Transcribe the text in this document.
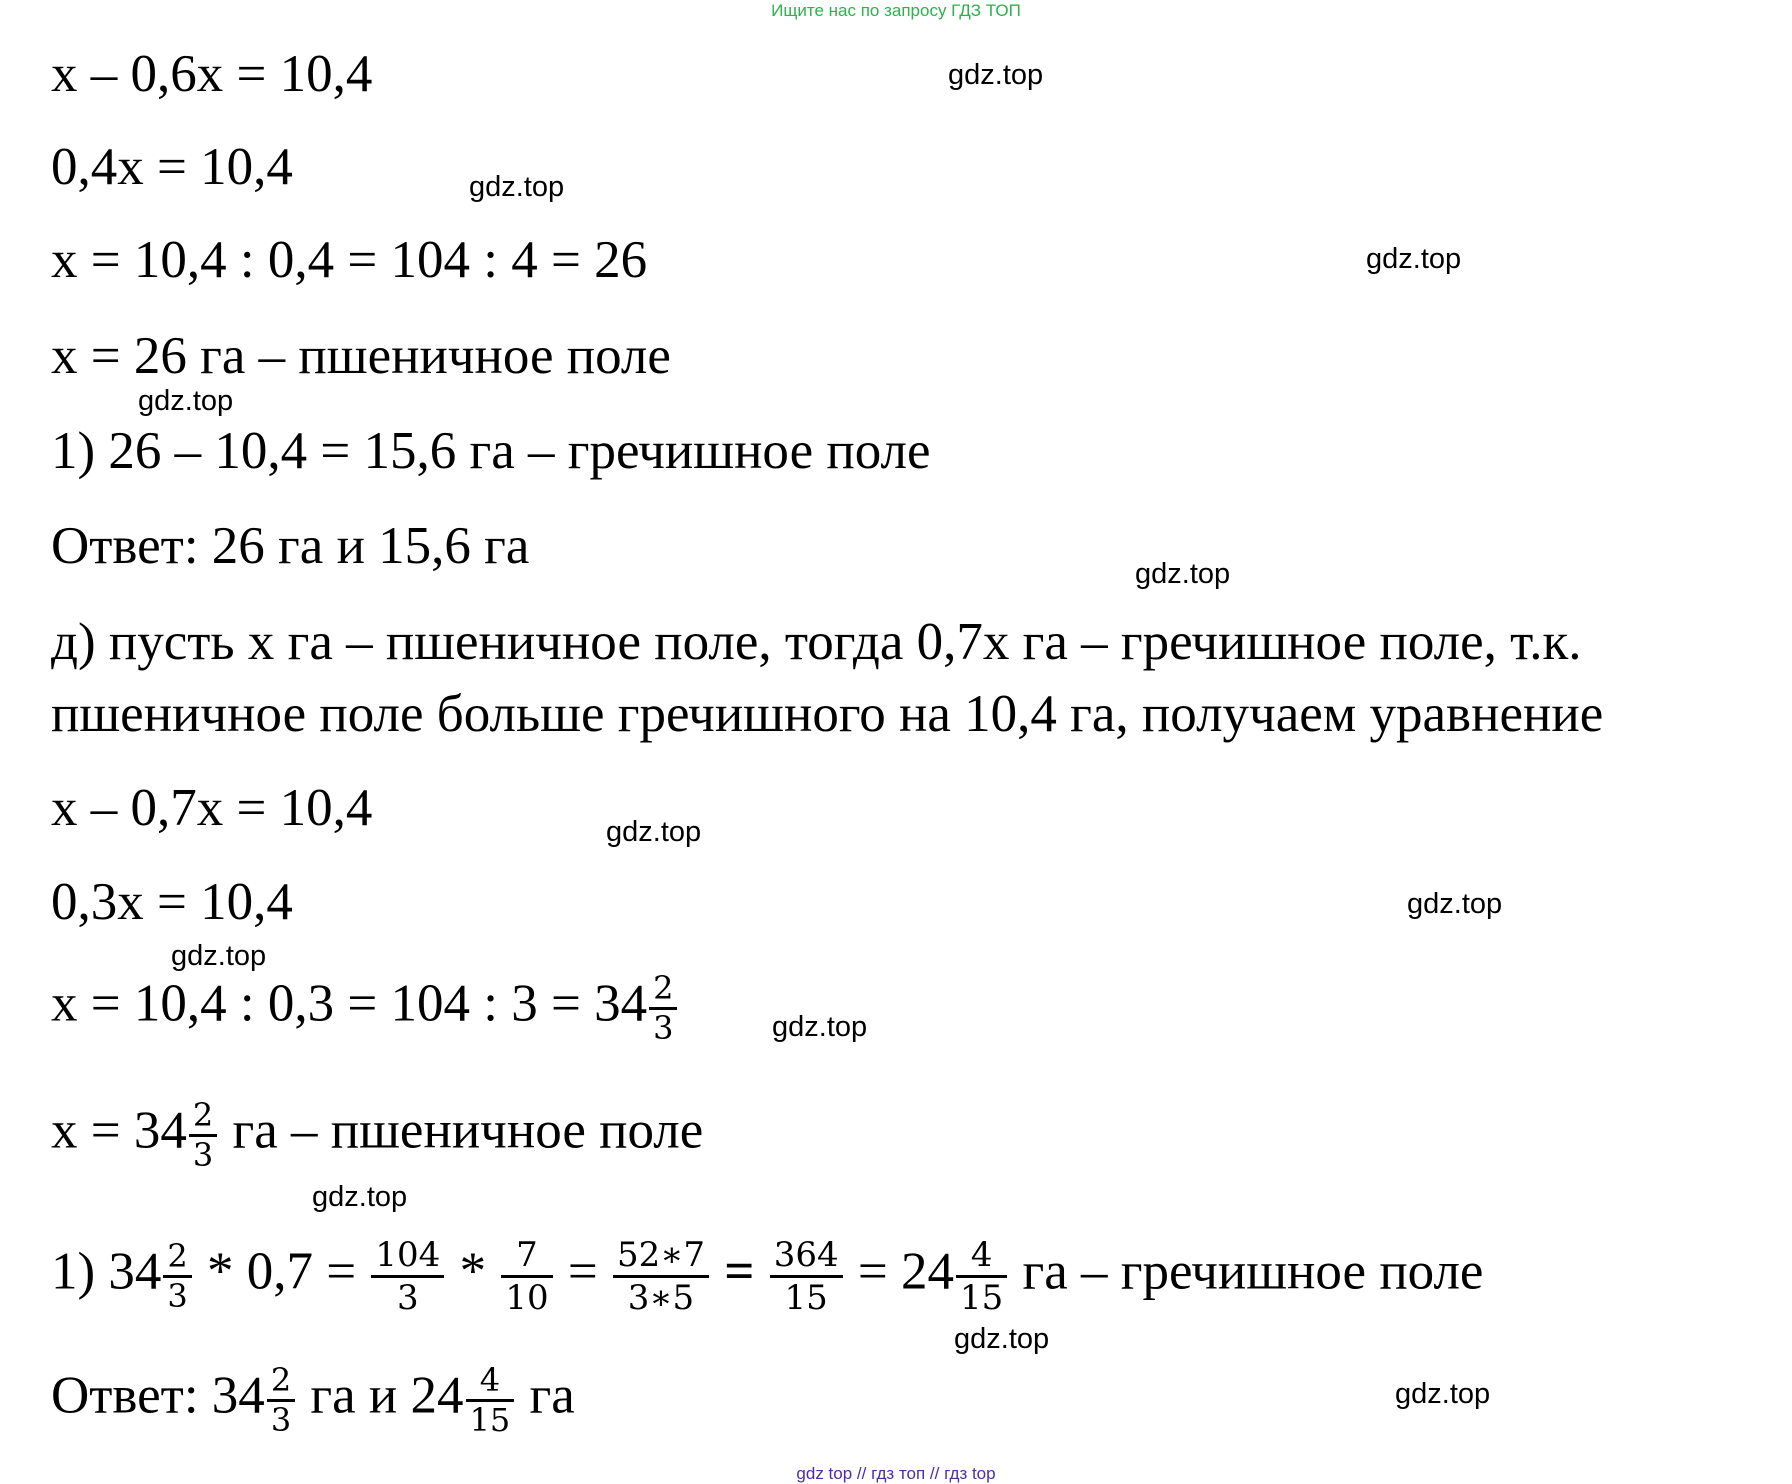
Ищите нас по запросу ГДЗ ТОП
x – 0,6x = 10,4
0,4x = 10,4
x = 10,4 : 0,4 = 104 : 4 = 26
x = 26 га – пшеничное поле
1) 26 – 10,4 = 15,6 га – гречишное поле
Ответ: 26 га и 15,6 га
д) пусть x га – пшеничное поле, тогда 0,7x га – гречишное поле, т.к.
пшеничное поле больше гречишного на 10,4 га, получаем уравнение
x – 0,7x = 10,4
0,3x = 10,4
x = 10,4 : 0,3 = 104 : $3 = 34 \frac{2}{3}$
$x = 34 \frac{2}{3}$ га – пшеничное поле
1) $34 \frac{2}{3} * 0,7 = \frac{104}{3} * \frac{7}{10} = \frac{52∗7}{3∗5} = \frac{364}{15} = 24 \frac{4}{15}$ га – гречишное поле
Ответ: $34 \frac{2}{3}$ га и $24 \frac{4}{15}$ га
gdz.top
gdz.top
gdz.top
gdz.top
gdz.top
gdz.top
gdz.top
gdz.top
gdz.top
gdz.top
gdz.top
gdz.top
gdz top // гдз топ // гдз top
